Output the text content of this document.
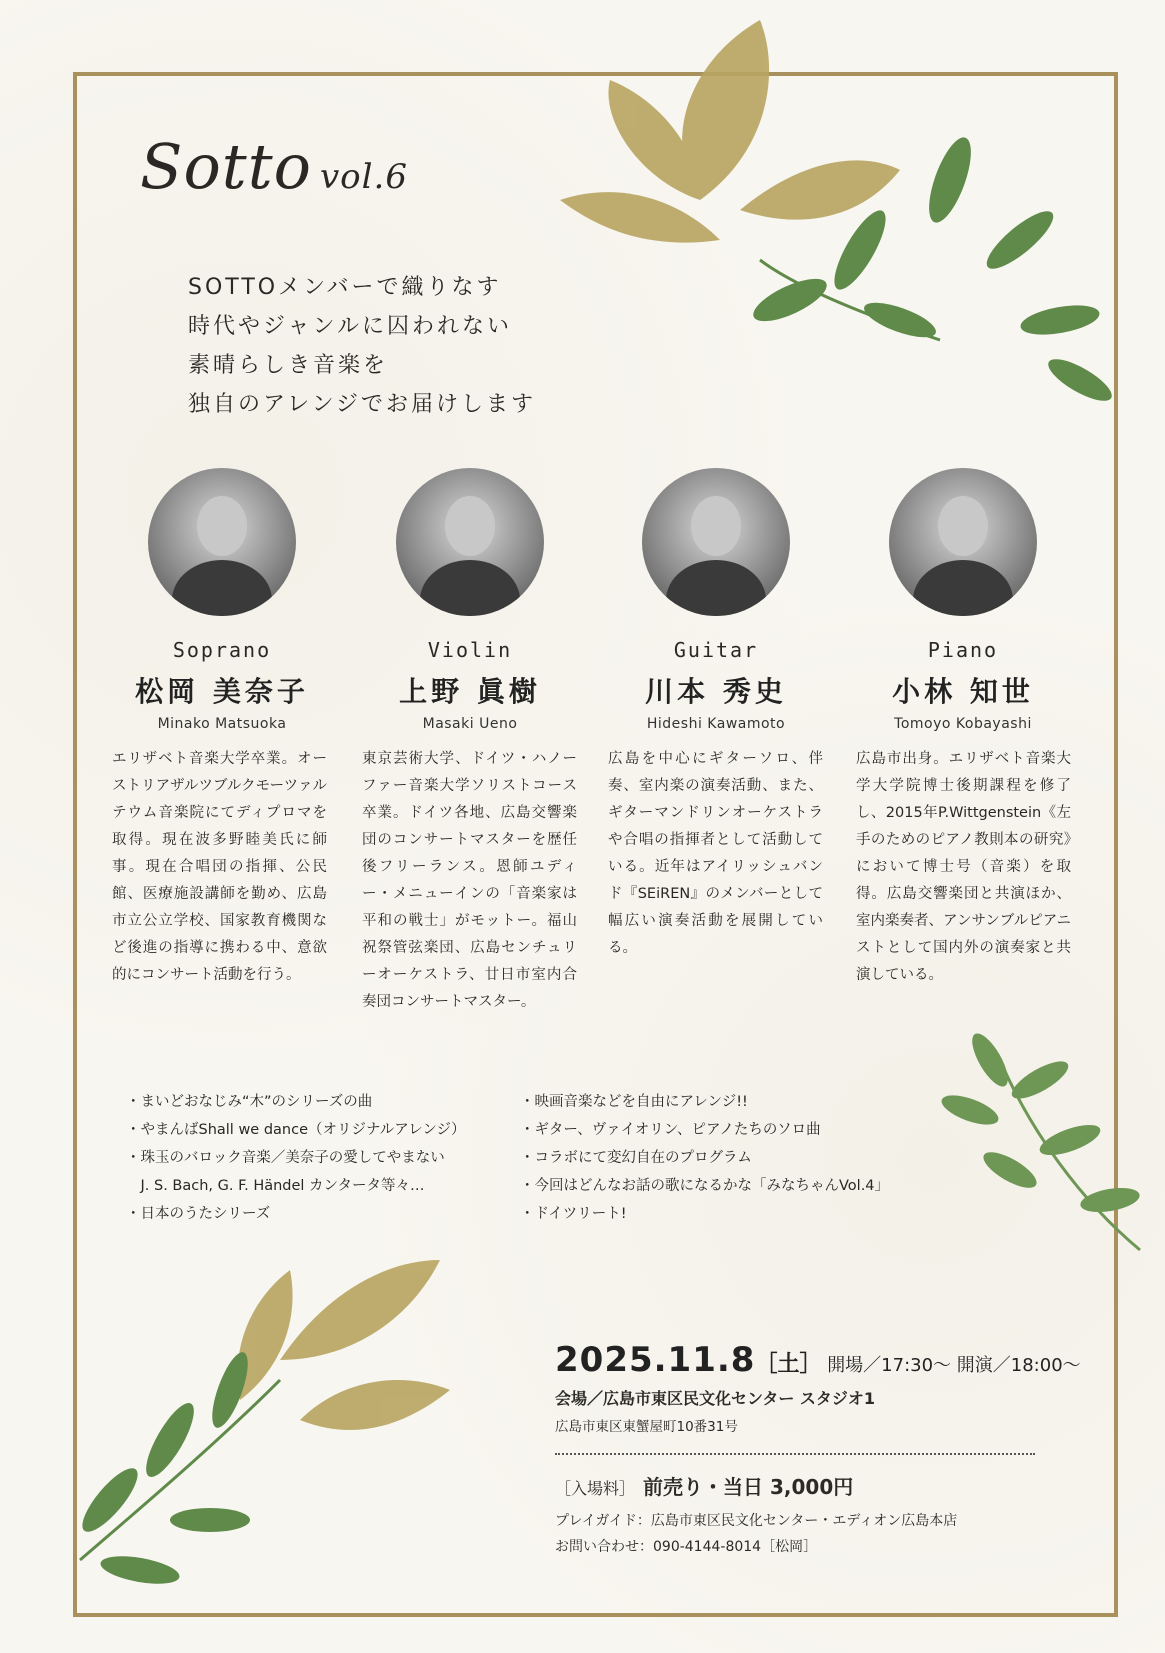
Sotto vol.6
SOTTOメンバーで織りなす
時代やジャンルに囚われない
素晴らしき音楽を
独自のアレンジでお届けします
Soprano
松岡 美奈子
Minako Matsuoka
Violin
上野 眞樹
Masaki Ueno
Guitar
川本 秀史
Hideshi Kawamoto
Piano
小林 知世
Tomoyo Kobayashi
エリザベト音楽大学卒業。オーストリアザルツブルクモーツァルテウム音楽院にてディプロマを取得。現在波多野睦美氏に師事。現在合唱団の指揮、公民館、医療施設講師を勤め、広島市立公立学校、国家教育機関など後進の指導に携わる中、意欲的にコンサート活動を行う。
東京芸術大学、ドイツ・ハノーファー音楽大学ソリストコース卒業。ドイツ各地、広島交響楽団のコンサートマスターを歴任後フリーランス。恩師ユディー・メニューインの「音楽家は平和の戦士」がモットー。福山祝祭管弦楽団、広島センチュリーオーケストラ、廿日市室内合奏団コンサートマスター。
広島を中心にギターソロ、伴奏、室内楽の演奏活動、また、ギターマンドリンオーケストラや合唱の指揮者として活動している。近年はアイリッシュバンド『SEiREN』のメンバーとして幅広い演奏活動を展開している。
広島市出身。エリザベト音楽大学大学院博士後期課程を修了し、2015年P.Wittgenstein《左手のためのピアノ教則本の研究》において博士号（音楽）を取得。広島交響楽団と共演ほか、室内楽奏者、アンサンブルピアニストとして国内外の演奏家と共演している。
・まいどおなじみ“木”のシリーズの曲
・やまんばShall we dance（オリジナルアレンジ）
・珠玉のバロック音楽／美奈子の愛してやまない
　J. S. Bach, G. F. Händel カンタータ等々…
・日本のうたシリーズ
・映画音楽などを自由にアレンジ!!
・ギター、ヴァイオリン、ピアノたちのソロ曲
・コラボにて変幻自在のプログラム
・今回はどんなお話の歌になるかな「みなちゃんVol.4」
・ドイツリート!
2025.11.8［土］ 開場／17:30〜 開演／18:00〜
会場／広島市東区民文化センター スタジオ1
広島市東区東蟹屋町10番31号
［入場料］ 前売り・当日 3,000円
プレイガイド：広島市東区民文化センター・エディオン広島本店
お問い合わせ：090-4144-8014［松岡］
